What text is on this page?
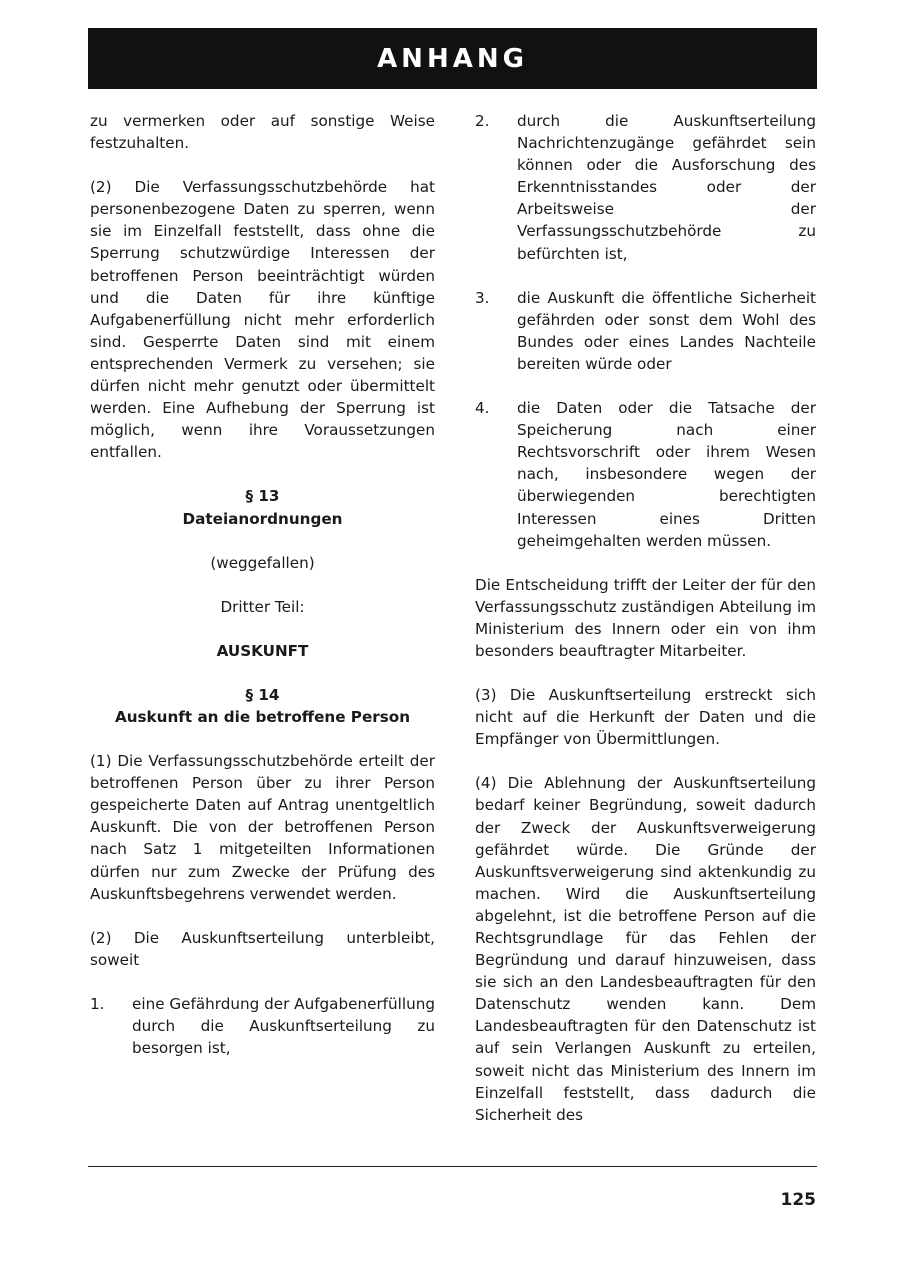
ANHANG

zu vermerken oder auf sonstige Weise festzuhalten.

(2) Die Verfassungsschutzbehörde hat personenbezogene Daten zu sperren, wenn sie im Einzelfall feststellt, dass ohne die Sperrung schutzwürdige Interessen der betroffenen Person beeinträchtigt würden und die Daten für ihre künftige Aufgabenerfüllung nicht mehr erforderlich sind. Gesperrte Daten sind mit einem entsprechenden Vermerk zu versehen; sie dürfen nicht mehr genutzt oder übermittelt werden. Eine Aufhebung der Sperrung ist möglich, wenn ihre Voraussetzungen entfallen.

§ 13

Dateianordnungen

(weggefallen)

Dritter Teil:

AUSKUNFT

§ 14

Auskunft an die betroffene Person

(1) Die Verfassungsschutzbehörde erteilt der betroffenen Person über zu ihrer Person gespeicherte Daten auf Antrag unentgeltlich Auskunft. Die von der betroffenen Person nach Satz 1 mitgeteilten Informationen dürfen nur zum Zwecke der Prüfung des Auskunftsbegehrens verwendet werden.

(2) Die Auskunftserteilung unterbleibt, soweit

1.	eine Gefährdung der Aufgabenerfüllung durch die Auskunftserteilung zu besorgen ist,
2.	durch die Auskunftserteilung Nachrichtenzugänge gefährdet sein können oder die Ausforschung des Erkenntnisstandes oder der Arbeitsweise der Verfassungsschutzbehörde zu befürchten ist,
3.	die Auskunft die öffentliche Sicherheit gefährden oder sonst dem Wohl des Bundes oder eines Landes Nachteile bereiten würde oder
4.	die Daten oder die Tatsache der Speicherung nach einer Rechtsvorschrift oder ihrem Wesen nach, insbesondere wegen der überwiegenden berechtigten Interessen eines Dritten geheimgehalten werden müssen.

Die Entscheidung trifft der Leiter der für den Verfassungsschutz zuständigen Abteilung im Ministerium des Innern oder ein von ihm besonders beauftragter Mitarbeiter.

(3) Die Auskunftserteilung erstreckt sich nicht auf die Herkunft der Daten und die Empfänger von Übermittlungen.

(4) Die Ablehnung der Auskunftserteilung bedarf keiner Begründung, soweit dadurch der Zweck der Auskunftsverweigerung gefährdet würde. Die Gründe der Auskunftsverweigerung sind aktenkundig zu machen. Wird die Auskunftserteilung abgelehnt, ist die betroffene Person auf die Rechtsgrundlage für das Fehlen der Begründung und darauf hinzuweisen, dass sie sich an den Landesbeauftragten für den Datenschutz wenden kann. Dem Landesbeauftragten für den Datenschutz ist auf sein Verlangen Auskunft zu erteilen, soweit nicht das Ministerium des Innern im Einzelfall feststellt, dass dadurch die Sicherheit des

125
